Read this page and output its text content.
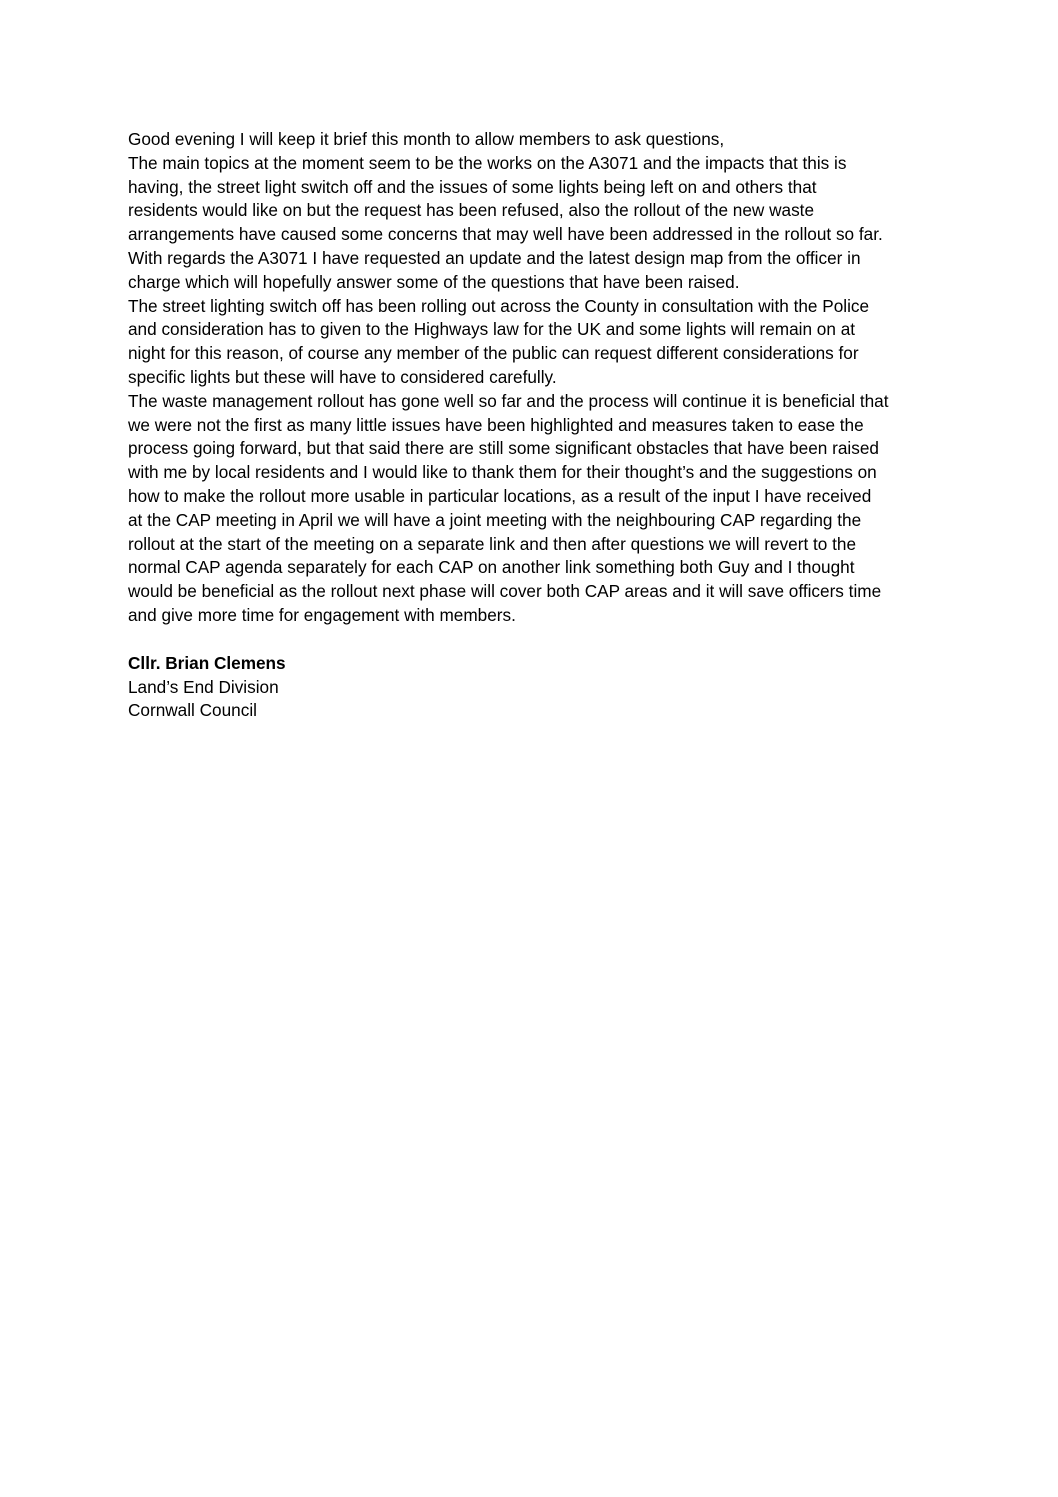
Good evening I will keep it brief this month to allow members to ask questions,

The main topics at the moment seem to be the works on the A3071 and the impacts that this is
having, the street light switch off and the issues of some lights being left on and others that
residents would like on but the request has been refused, also the rollout of the new waste
arrangements have caused some concerns that may well have been addressed in the rollout so far.

With regards the A3071 I have requested an update and the latest design map from the officer in
charge which will hopefully answer some of the questions that have been raised.

The street lighting switch off has been rolling out across the County in consultation with the Police
and consideration has to given to the Highways law for the UK and some lights will remain on at
night for this reason, of course any member of the public can request different considerations for
specific lights but these will have to considered carefully.

The waste management rollout has gone well so far and the process will continue it is beneficial that
we were not the first as many little issues have been highlighted and measures taken to ease the
process going forward, but that said there are still some significant obstacles that have been raised
with me by local residents and I would like to thank them for their thought’s and the suggestions on
how to make the rollout more usable in particular locations, as a result of the input I have received
at the CAP meeting in April we will have a joint meeting with the neighbouring CAP regarding the
rollout at the start of the meeting on a separate link and then after questions we will revert to the
normal CAP agenda separately for each CAP on another link something both Guy and I thought
would be beneficial as the rollout next phase will cover both CAP areas and it will save officers time
and give more time for engagement with members.

Cllr. Brian Clemens
Land’s End Division
Cornwall Council
